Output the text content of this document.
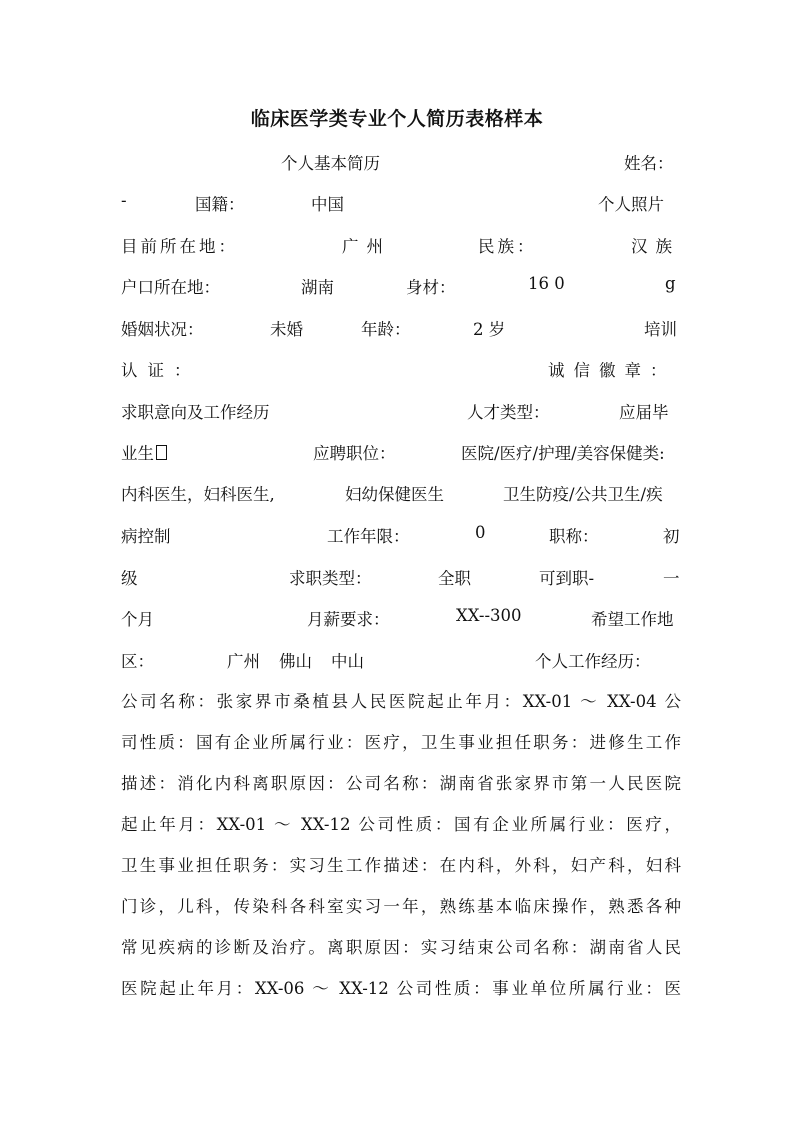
临床医学类专业个人简历表格样本
个人基本简历	姓名：
-	国籍：	中国	个人照片
目前所在地：	广州	民族：	汉族
户口所在地：	湖南	身材：	16 0	g
婚姻状况：	未婚	年龄：	2 岁	培训
认证：	诚信徽章：
求职意向及工作经历	人才类型：	应届毕
业生	应聘职位：	医院/医疗/护理/美容保健类:
内科医生，妇科医生,	妇幼保健医生	卫生防疫/公共卫生/疾
病控制	工作年限：	0	职称：	初
级	求职类型：	全职	可到职-	一
个月	月薪要求：	XX--300	希望工作地
区：	广州 佛山 中山	个人工作经历：
公司名称：张家界市桑植县人民医院起止年月：XX-01 ～ XX-04 公
司性质：国有企业所属行业：医疗，卫生事业担任职务：进修生工作
描述：消化内科离职原因：公司名称：湖南省张家界市第一人民医院
起止年月：XX-01 ～ XX-12 公司性质：国有企业所属行业：医疗，
卫生事业担任职务：实习生工作描述：在内科，外科，妇产科，妇科
门诊，儿科，传染科各科室实习一年，熟练基本临床操作，熟悉各种
常见疾病的诊断及治疗。离职原因：实习结束公司名称：湖南省人民
医院起止年月：XX-06 ～ XX-12 公司性质：事业单位所属行业：医
